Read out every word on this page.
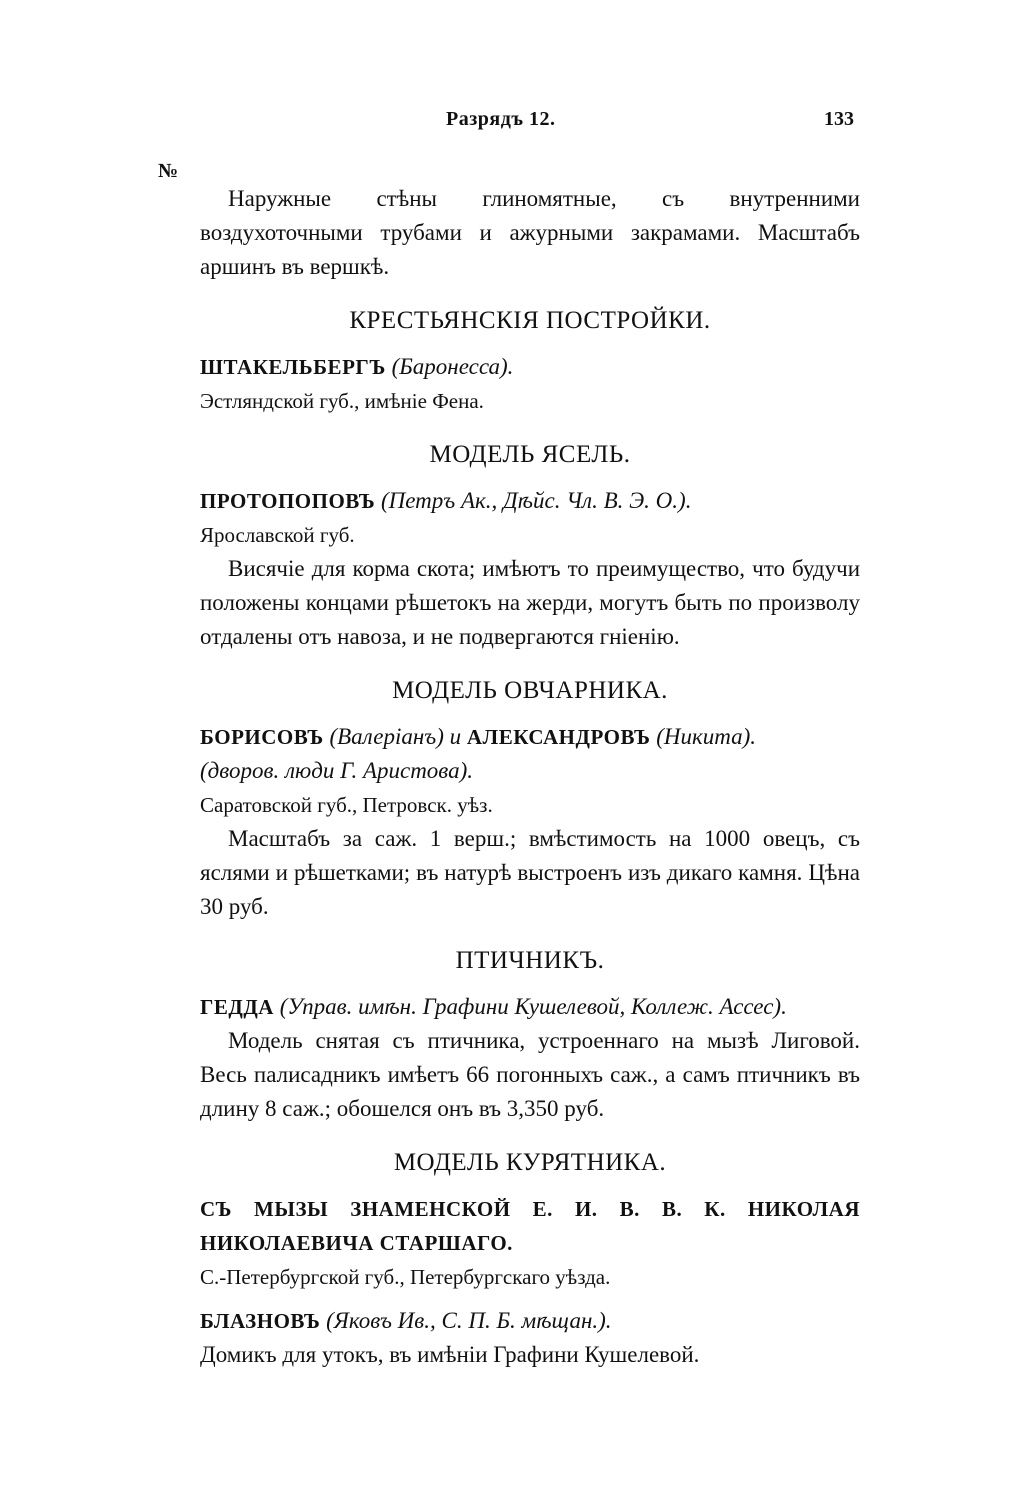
Разрядъ 12.	133
№

Наружные стѣны глиномятные, съ внутренними воздухоточными трубами и ажурными закрамами. Масштабъ аршинъ въ вершкѣ.

КРЕСТЬЯНСКІЯ ПОСТРОЙКИ.

ШТАКЕЛЬБЕРГЪ (Баронесса).

Эстляндской губ., имѣніе Фена.

МОДЕЛЬ ЯСЕЛЬ.

ПРОТОПОПОВЪ (Петръ Ак., Дѣйс. Чл. В. Э. О.).

Ярославской губ.

Висячіе для корма скота; имѣютъ то преимущество, что будучи положены концами рѣшетокъ на жерди, могутъ быть по произволу отдалены отъ навоза, и не подвергаются гніенію.

МОДЕЛЬ ОВЧАРНИКА.

БОРИСОВЪ (Валеріанъ) и АЛЕКСАНДРОВЪ (Никита).

(дворов. люди Г. Аристова).

Саратовской губ., Петровск. уѣз.

Масштабъ за саж. 1 верш.; вмѣстимость на 1000 овецъ, съ яслями и рѣшетками; въ натурѣ выстроенъ изъ дикаго камня. Цѣна 30 руб.

ПТИЧНИКЪ.

ГЕДДА (Управ. имѣн. Графини Кушелевой, Коллеж. Ассес).

Модель снятая съ птичника, устроеннаго на мызѣ Лиговой. Весь палисадникъ имѣетъ 66 погонныхъ саж., а самъ птичникъ въ длину 8 саж.; обошелся онъ въ 3,350 руб.

МОДЕЛЬ КУРЯТНИКА.

СЪ МЫЗЫ ЗНАМЕНСКОЙ Е. И. В. В. К. НИКОЛАЯ НИКОЛАЕВИЧА СТАРШАГО.

С.-Петербургской губ., Петербургскаго уѣзда.

БЛАЗНОВЪ (Яковъ Ив., С. П. Б. мѣщан.).

Домикъ для утокъ, въ имѣніи Графини Кушелевой.
